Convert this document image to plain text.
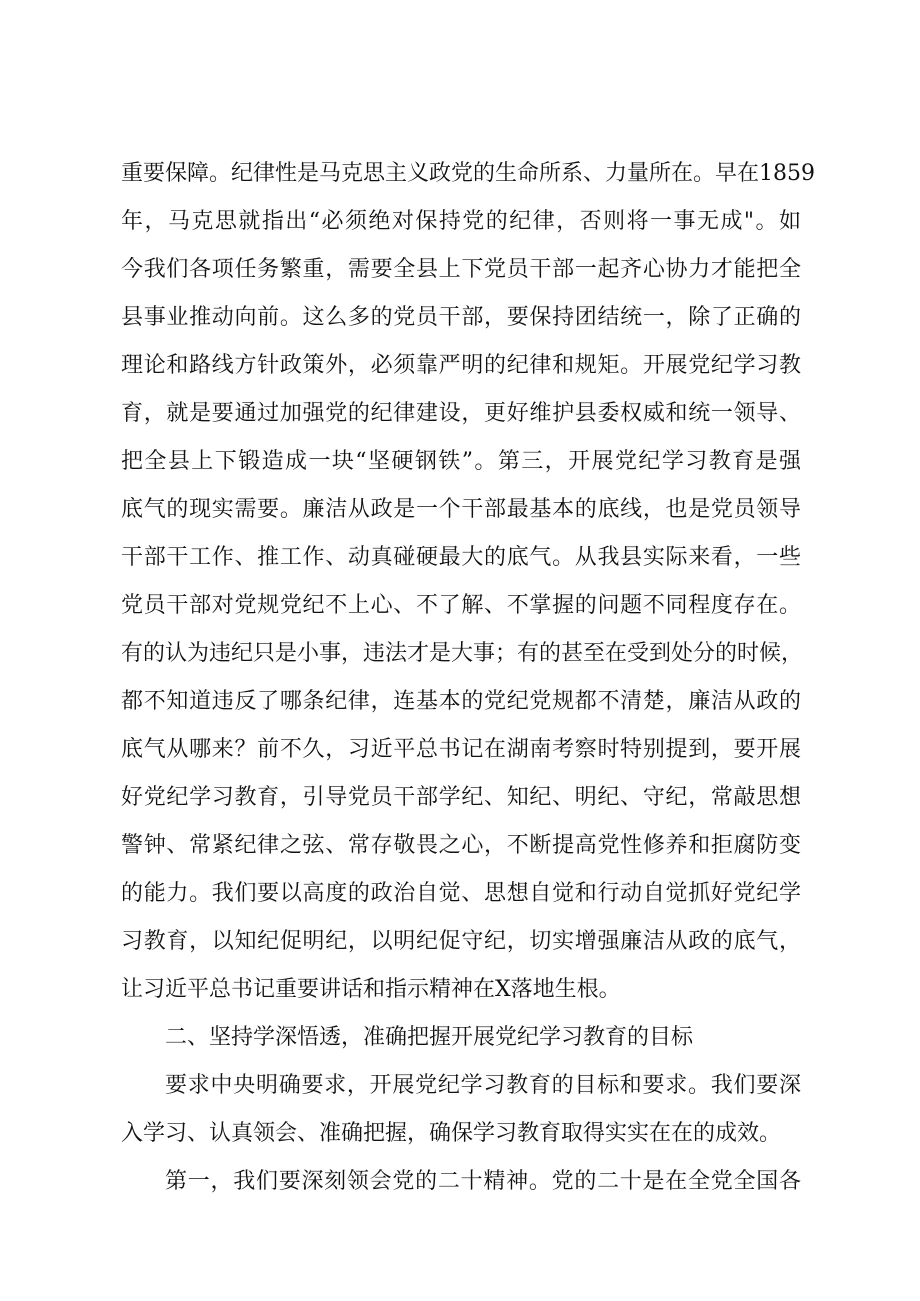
重要保障。纪律性是马克思主义政党的生命所系、力量所在。早在1859
年，马克思就指出“必须绝对保持党的纪律，否则将一事无成"。如
今我们各项任务繁重，需要全县上下党员干部一起齐心协力才能把全
县事业推动向前。这么多的党员干部，要保持团结统一，除了正确的
理论和路线方针政策外，必须靠严明的纪律和规矩。开展党纪学习教
育，就是要通过加强党的纪律建设，更好维护县委权威和统一领导、
把全县上下锻造成一块“坚硬钢铁”。第三，开展党纪学习教育是强
底气的现实需要。廉洁从政是一个干部最基本的底线，也是党员领导
干部干工作、推工作、动真碰硬最大的底气。从我县实际来看，一些
党员干部对党规党纪不上心、不了解、不掌握的问题不同程度存在。
有的认为违纪只是小事，违法才是大事；有的甚至在受到处分的时候，
都不知道违反了哪条纪律，连基本的党纪党规都不清楚，廉洁从政的
底气从哪来？前不久，习近平总书记在湖南考察时特别提到，要开展
好党纪学习教育，引导党员干部学纪、知纪、明纪、守纪，常敲思想
警钟、常紧纪律之弦、常存敬畏之心，不断提高党性修养和拒腐防变
的能力。我们要以高度的政治自觉、思想自觉和行动自觉抓好党纪学
习教育，以知纪促明纪，以明纪促守纪，切实增强廉洁从政的底气，
让习近平总书记重要讲话和指示精神在X落地生根。
二、坚持学深悟透，准确把握开展党纪学习教育的目标
要求中央明确要求，开展党纪学习教育的目标和要求。我们要深
入学习、认真领会、准确把握，确保学习教育取得实实在在的成效。
第一，我们要深刻领会党的二十精神。党的二十是在全党全国各
